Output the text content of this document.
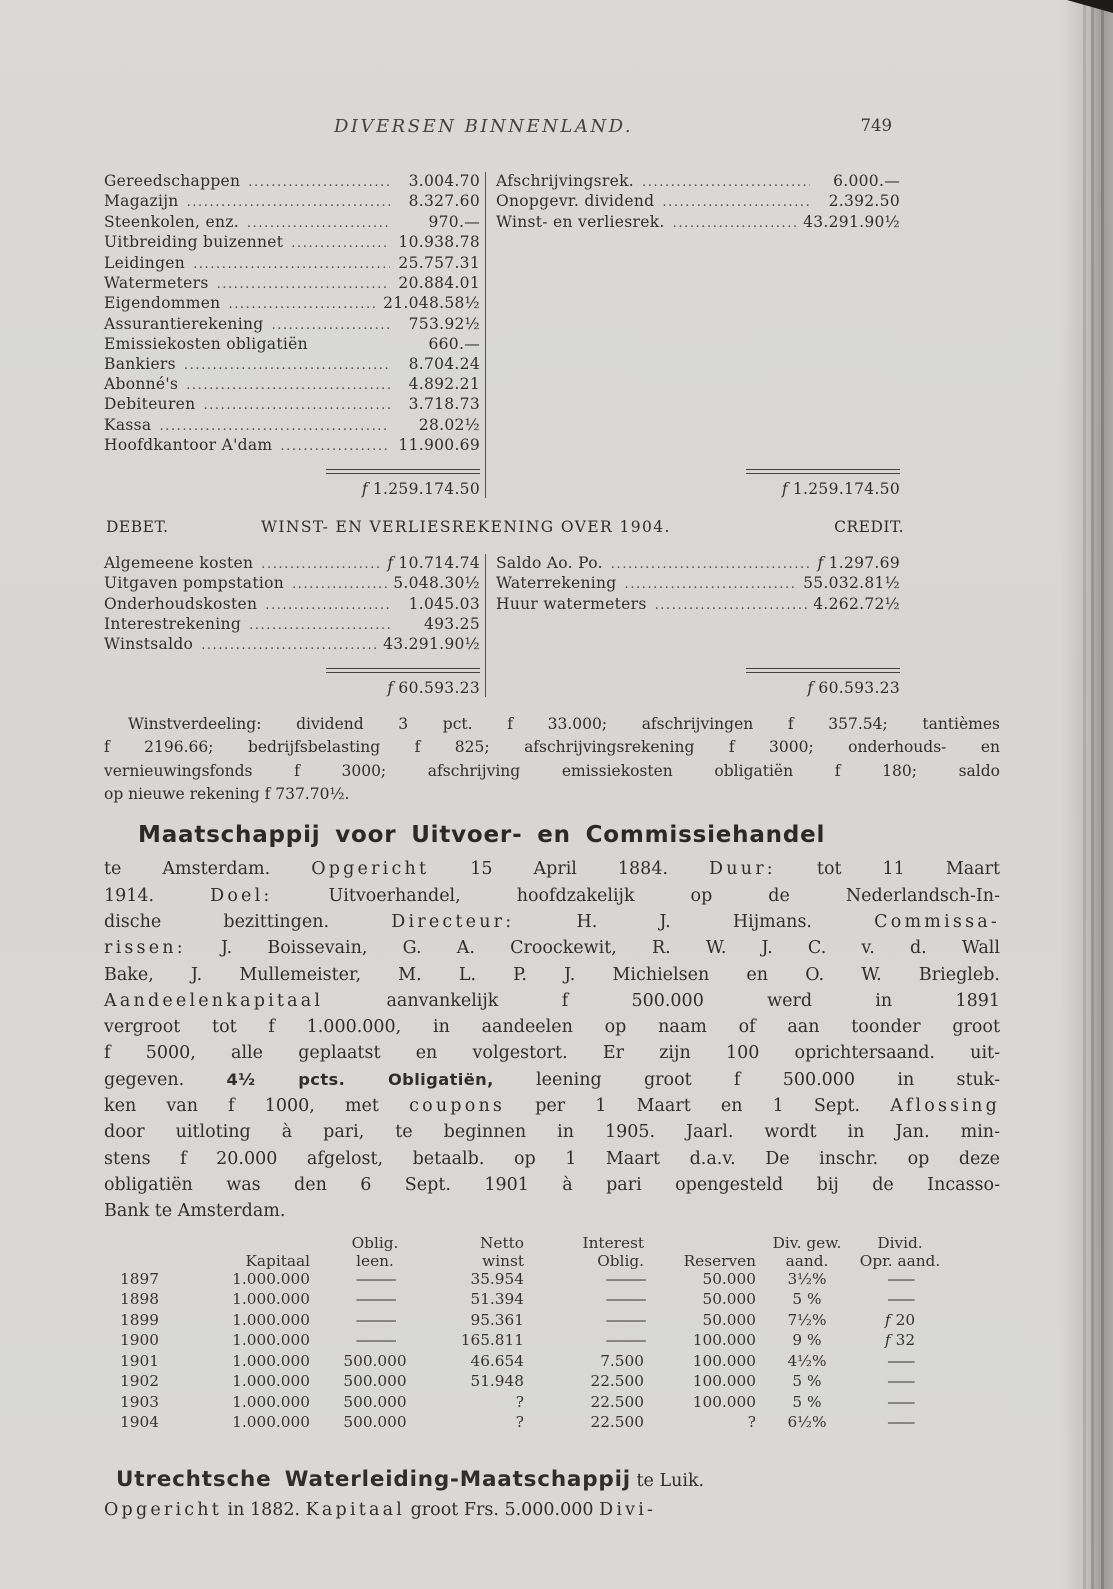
DIVERSEN BINNENLAND.	749
Gereedschappen .....	3.004.70
Magazijn .....	8.327.60
Steenkolen, enz. .....	970.—
Uitbreiding buizennet .....	10.938.78
Leidingen .....	25.757.31
Watermeters .....	20.884.01
Eigendommen .....	21.048.58½
Assurantierekening .....	753.92½
Emissiekosten obligatiën	660.—
Bankiers .....	8.704.24
Abonné's .....	4.892.21
Debiteuren .....	3.718.73
Kassa .....	28.02½
Hoofdkantoor A'dam .....	11.900.69
f 1.259.174.50
Afschrijvingsrek. .....	6.000.—
Onopgevr. dividend .....	2.392.50
Winst- en verliesrek. .....	43.291.90½
f 1.259.174.50
DEBET.	WINST- EN VERLIESREKENING OVER 1904.	CREDIT.
Algemeene kosten .....	f 10.714.74
Uitgaven pompstation .....	5.048.30½
Onderhoudskosten .....	1.045.03
Interestrekening .....	493.25
Winstsaldo .....	43.291.90½
f 60.593.23
Saldo Ao. Po. .....	f 1.297.69
Waterrekening .....	55.032.81½
Huur watermeters .....	4.262.72½
f 60.593.23
Winstverdeeling: dividend 3 pct. f 33.000; afschrijvingen f 357.54; tantièmes
f 2196.66; bedrijfsbelasting f 825; afschrijvingsrekening f 3000; onderhouds- en
vernieuwingsfonds f 3000; afschrijving emissiekosten obligatiën f 180; saldo
op nieuwe rekening f 737.70½.
Maatschappij voor Uitvoer- en Commissiehandel
te Amsterdam. Opgericht 15 April 1884. Duur: tot 11 Maart
1914. Doel: Uitvoerhandel, hoofdzakelijk op de Nederlandsch-In-
dische bezittingen. Directeur: H. J. Hijmans. Commissa-
rissen: J. Boissevain, G. A. Croockewit, R. W. J. C. v. d. Wall
Bake, J. Mullemeister, M. L. P. J. Michielsen en O. W. Briegleb.
Aandeelenkapitaal aanvankelijk f 500.000 werd in 1891
vergroot tot f 1.000.000, in aandeelen op naam of aan toonder groot
f 5000, alle geplaatst en volgestort. Er zijn 100 oprichtersaand. uit-
gegeven. 4½ pcts. Obligatiën, leening groot f 500.000 in stuk-
ken van f 1000, met coupons per 1 Maart en 1 Sept. Aflossing
door uitloting à pari, te beginnen in 1905. Jaarl. wordt in Jan. min-
stens f 20.000 afgelost, betaalb. op 1 Maart d.a.v. De inschr. op deze
obligatiën was den 6 Sept. 1901 à pari opengesteld bij de Incasso-
Bank te Amsterdam.
		Oblig.	Netto	Interest		Div. gew.	Divid.
	Kapitaal	leen.	winst	Oblig.	Reserven	aand.	Opr. aand.
1897	1.000.000	———	35.954	———	50.000	3½%	——
1898	1.000.000	———	51.394	———	50.000	5 %	——
1899	1.000.000	———	95.361	———	50.000	7½%	f 20
1900	1.000.000	———	165.811	———	100.000	9 %	f 32
1901	1.000.000	500.000	46.654	7.500	100.000	4½%	——
1902	1.000.000	500.000	51.948	22.500	100.000	5 %	——
1903	1.000.000	500.000	?	22.500	100.000	5 %	——
1904	1.000.000	500.000	?	22.500	?	6½%	——
Utrechtsche Waterleiding-Maatschappij te Luik.
Opgericht in 1882. Kapitaal groot Frs. 5.000.000 Divi-
